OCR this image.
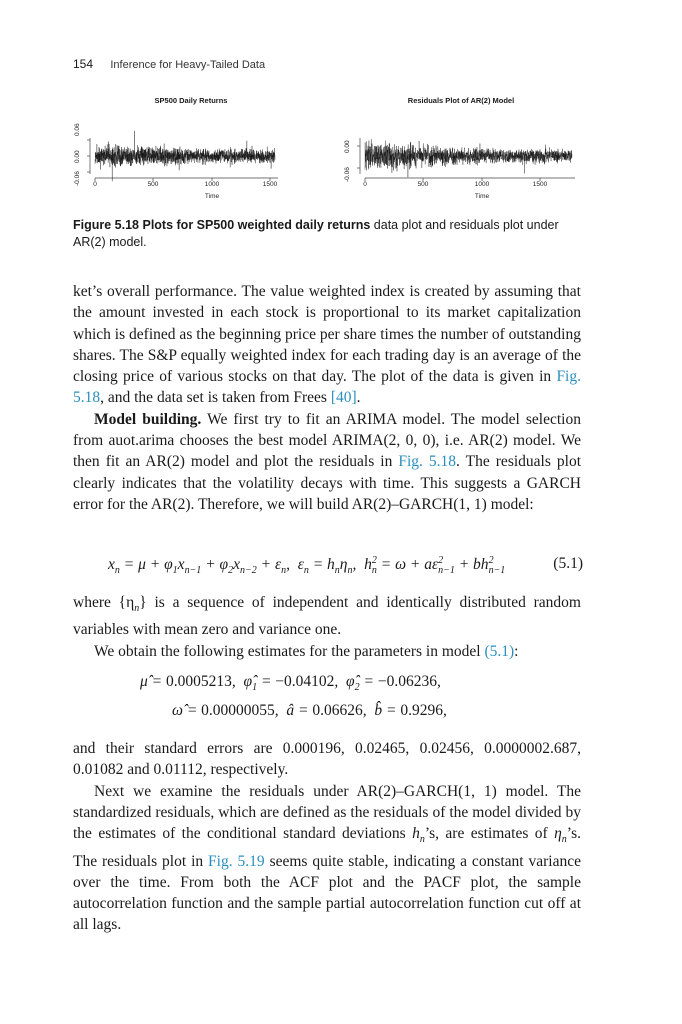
154 Inference for Heavy-Tailed Data
SP500 Daily Returns
-0.06
0.00
0.06
0	500	1000	1500
Time
Residuals Plot of AR(2) Model
-0.06
0.00
0	500	1000	1500
Time
Figure 5.18 Plots for SP500 weighted daily returns data plot and residuals plot under AR(2) model.

ket’s overall performance. The value weighted index is created by assuming that the amount invested in each stock is proportional to its market capitalization which is defined as the beginning price per share times the number of outstanding shares. The S&P equally weighted index for each trading day is an average of the closing price of various stocks on that day. The plot of the data is given in Fig. 5.18, and the data set is taken from Frees [40].

Model building. We first try to fit an ARIMA model. The model selection from auot.arima chooses the best model ARIMA(2, 0, 0), i.e. AR(2) model. We then fit an AR(2) model and plot the residuals in Fig. 5.18. The residuals plot clearly indicates that the volatility decays with time. This suggests a GARCH error for the AR(2). Therefore, we will build AR(2)–GARCH(1, 1) model:

$x_n = \mu + \varphi_1x_{n-1} + \varphi_2x_{n-2} + \varepsilon_n$,  $\varepsilon_n = h_n\eta_n$,  $h^2_n = \omega + a\varepsilon^2_{n-1} + bh^2_{n-1}$	(5.1)

where $\{\eta_n\}$ is a sequence of independent and identically distributed random variables with mean zero and variance one.

We obtain the following estimates for the parameters in model (5.1):

μ̂ = 0.0005213,  $\varphî_1 = -0.04102$,  $\varphî_2 = -0.06236$,
ω̂ = 0.00000055,  â = 0.06626,  b̂ = 0.9296,

and their standard errors are 0.000196, 0.02465, 0.02456, 0.0000002.687, 0.01082 and 0.01112, respectively.

Next we examine the residuals under AR(2)–GARCH(1, 1) model. The standardized residuals, which are defined as the residuals of the model divided by the estimates of the conditional standard deviations $h_n’s$, are estimates of $\eta_n’s$. The residuals plot in Fig. 5.19 seems quite stable, indicating a constant variance over the time. From both the ACF plot and the PACF plot, the sample autocorrelation function and the sample partial autocorrelation function cut off at all lags.
